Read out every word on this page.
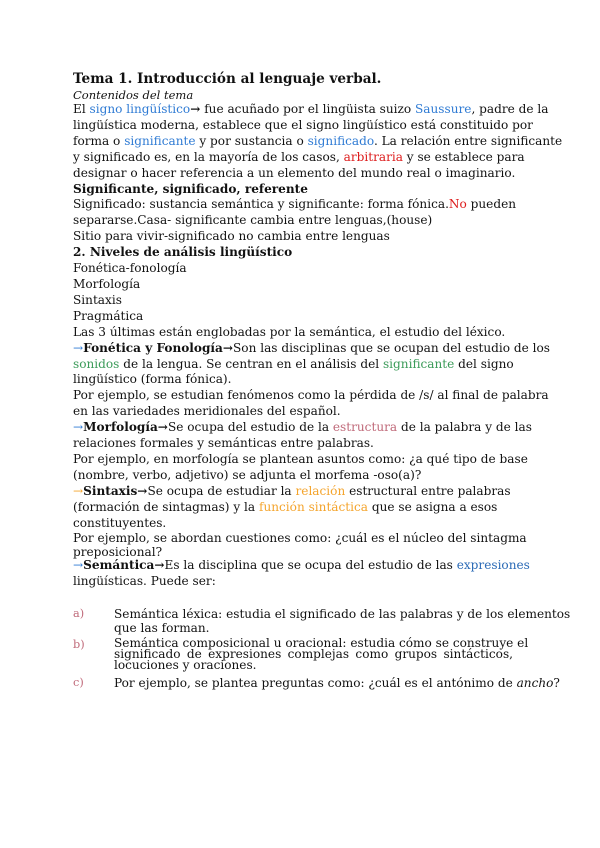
Tema 1. Introducción al lenguaje verbal.
Contenidos del tema
El signo lingüístico→ fue acuñado por el lingüista suizo Saussure, padre de la
lingüística moderna, establece que el signo lingüístico está constituido por
forma o significante y por sustancia o significado. La relación entre significante
y significado es, en la mayoría de los casos, arbitraria y se establece para
designar o hacer referencia a un elemento del mundo real o imaginario.
Significante, significado, referente
Significado: sustancia semántica y significante: forma fónica.No pueden
separarse.Casa- significante cambia entre lenguas,(house)
Sitio para vivir-significado no cambia entre lenguas
2. Niveles de análisis lingüístico
Fonética-fonología
Morfología
Sintaxis
Pragmática
Las 3 últimas están englobadas por la semántica, el estudio del léxico.
→Fonética y Fonología→Son las disciplinas que se ocupan del estudio de los
sonidos de la lengua. Se centran en el análisis del significante del signo
lingüístico (forma fónica).
Por ejemplo, se estudian fenómenos como la pérdida de /s/ al final de palabra
en las variedades meridionales del español.
→Morfología→Se ocupa del estudio de la estructura de la palabra y de las
relaciones formales y semánticas entre palabras.
Por ejemplo, en morfología se plantean asuntos como: ¿a qué tipo de base
(nombre, verbo, adjetivo) se adjunta el morfema -oso(a)?
→Sintaxis→Se ocupa de estudiar la relación estructural entre palabras
(formación de sintagmas) y la función sintáctica que se asigna a esos
constituyentes.
Por ejemplo, se abordan cuestiones como: ¿cuál es el núcleo del sintagma
preposicional?
→Semántica→Es la disciplina que se ocupa del estudio de las expresiones
lingüísticas. Puede ser:
a) Semántica léxica: estudia el significado de las palabras y de los elementos
que las forman.
b) Semántica composicional u oracional: estudia cómo se construye el
significado de expresiones complejas como grupos sintácticos,
locuciones y oraciones.
c)	Por ejemplo, se plantea preguntas como: ¿cuál es el antónimo de ancho?
